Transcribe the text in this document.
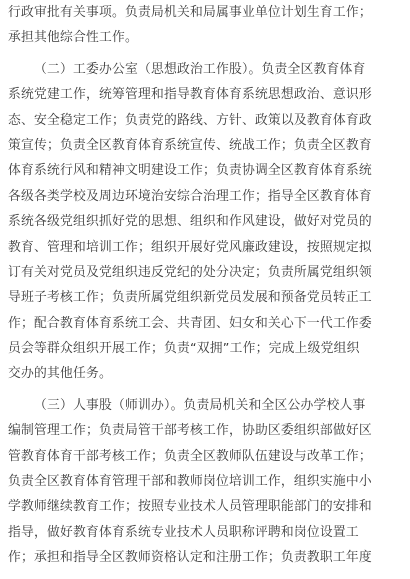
行政审批有关事项。负责局机关和局属事业单位计划生育工作；
承担其他综合性工作。
（二）工委办公室（思想政治工作股）。负责全区教育体育
系统党建工作，统筹管理和指导教育体育系统思想政治、意识形
态、安全稳定工作；负责党的路线、方针、政策以及教育体育政
策宣传；负责全区教育体育系统宣传、统战工作；负责全区教育
体育系统行风和精神文明建设工作；负责协调全区教育体育系统
各级各类学校及周边环境治安综合治理工作；指导全区教育体育
系统各级党组织抓好党的思想、组织和作风建设，做好对党员的
教育、管理和培训工作；组织开展好党风廉政建设，按照规定拟
订有关对党员及党组织违反党纪的处分决定；负责所属党组织领
导班子考核工作；负责所属党组织新党员发展和预备党员转正工
作；配合教育体育系统工会、共青团、妇女和关心下一代工作委
员会等群众组织开展工作；负责“双拥”工作；完成上级党组织
交办的其他任务。
（三）人事股（师训办）。负责局机关和全区公办学校人事
编制管理工作；负责局管干部考核工作，协助区委组织部做好区
管教育体育干部考核工作；负责全区教师队伍建设与改革工作；
负责全区教育体育管理干部和教师岗位培训工作，组织实施中小
学教师继续教育工作；按照专业技术人员管理职能部门的安排和
指导，做好教育体育系统专业技术人员职称评聘和岗位设置工
作；承担和指导全区教师资格认定和注册工作；负责教职工年度
